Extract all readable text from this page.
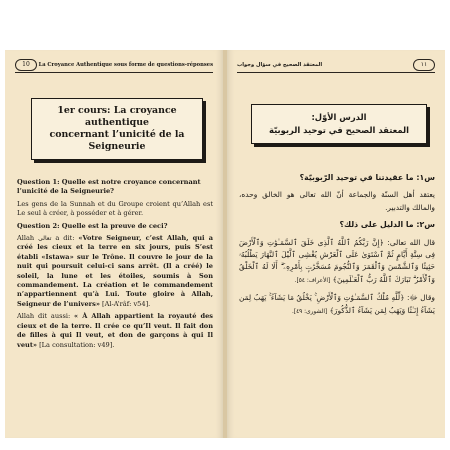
10	La Croyance Authentique sous forme de questions-réponses
1er cours: La croyance authentique
concernant l’unicité de la Seigneurie

Question 1: Quelle est notre croyance concernant
l’unicité de la Seigneurie?

Les gens de la Sunnah et du Groupe croient qu’Allah est Le seul à créer, à posséder et à gérer.

Question 2: Quelle est la preuve de ceci?

Allah تعالى a dit: «Votre Seigneur, c’est Allah, qui a créé les cieux et la terre en six jours, puis S’est établi «Istawa» sur le Trône. Il couvre le jour de la nuit qui poursuit celui-ci sans arrêt. (Il a créé) le soleil, la lune et les étoiles, soumis à Son commandement. La création et le commandement n’appartiennent qu’à Lui. Toute gloire à Allah, Seigneur de l’univers» [Al-A’râf: v54].

Allah dit aussi: « À Allah appartient la royauté des cieux et de la terre. Il crée ce qu’Il veut. Il fait don de filles à qui Il veut, et don de garçons à qui Il veut» [La consultation: v49].

١١
المعتقد الصحيح في سؤال وجواب
الدرس الأوّل:
المعتقد الصحيح في توحيد الربوبيّة

س١: ما عقيدتنا في توحيد الرّبوبيّة؟

يعتقد أهل السنّة والجماعة أنّ الله تعالى هو الخالق وحده، والمالك والتدبير.

س٢: ما الدليل على ذلك؟

قال الله تعالى: ﴿إِنَّ رَبَّكُمُ ٱللَّهُ ٱلَّذِى خَلَقَ ٱلسَّمَـٰوَٰتِ وَٱلْأَرْضَ فِى سِتَّةِ أَيَّامٍ ثُمَّ ٱسْتَوَىٰ عَلَى ٱلْعَرْشِ يُغْشِى ٱلَّيْلَ ٱلنَّهَارَ يَطْلُبُهُۥ حَثِيثًا وَٱلشَّمْسَ وَٱلْقَمَرَ وَٱلنُّجُومَ مُسَخَّرَٰتٍۭ بِأَمْرِهِۦٓ ۗ أَلَا لَهُ ٱلْخَلْقُ وَٱلْأَمْرُ ۗ تَبَارَكَ ٱللَّهُ رَبُّ ٱلْعَـٰلَمِينَ﴾ [الأعراف: ٥٤].

وقال ﷻ: ﴿لِّلَّهِ مُلْكُ ٱلسَّمَـٰوَٰتِ وَٱلْأَرْضِ ۚ يَخْلُقُ مَا يَشَآءُ ۚ يَهَبُ لِمَن يَشَآءُ إِنَـٰثًا وَيَهَبُ لِمَن يَشَآءُ ٱلذُّكُورَ﴾ [الشورى: ٤٩].
